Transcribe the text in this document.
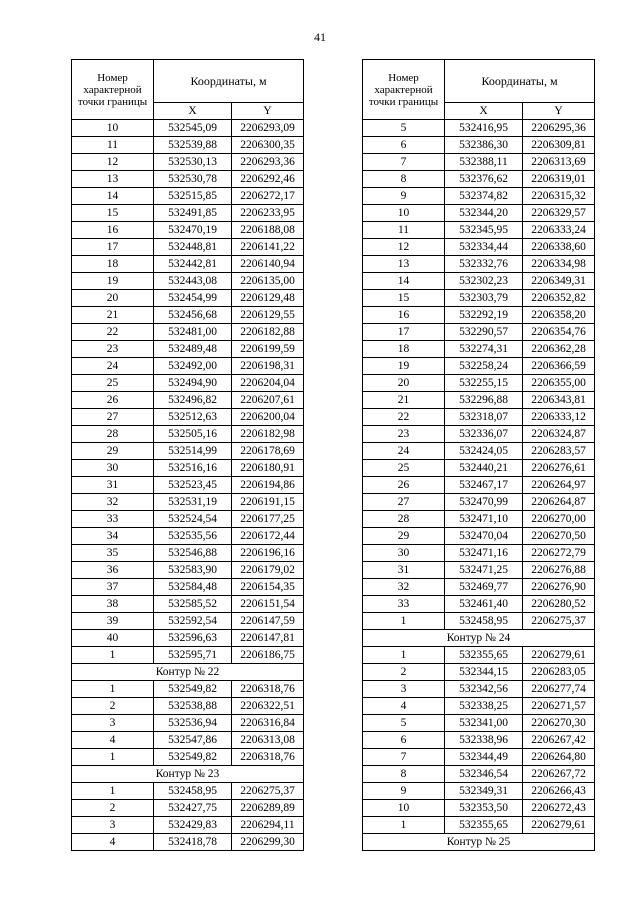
41
Номер характерной точки границы	Координаты, м	
	X	Y
10	532545,09	2206293,09
11	532539,88	2206300,35
12	532530,13	2206293,36
13	532530,78	2206292,46
14	532515,85	2206272,17
15	532491,85	2206233,95
16	532470,19	2206188,08
17	532448,81	2206141,22
18	532442,81	2206140,94
19	532443,08	2206135,00
20	532454,99	2206129,48
21	532456,68	2206129,55
22	532481,00	2206182,88
23	532489,48	2206199,59
24	532492,00	2206198,31
25	532494,90	2206204,04
26	532496,82	2206207,61
27	532512,63	2206200,04
28	532505,16	2206182,98
29	532514,99	2206178,69
30	532516,16	2206180,91
31	532523,45	2206194,86
32	532531,19	2206191,15
33	532524,54	2206177,25
34	532535,56	2206172,44
35	532546,88	2206196,16
36	532583,90	2206179,02
37	532584,48	2206154,35
38	532585,52	2206151,54
39	532592,54	2206147,59
40	532596,63	2206147,81
1	532595,71	2206186,75
Контур № 22		
1	532549,82	2206318,76
2	532538,88	2206322,51
3	532536,94	2206316,84
4	532547,86	2206313,08
1	532549,82	2206318,76
Контур № 23		
1	532458,95	2206275,37
2	532427,75	2206289,89
3	532429,83	2206294,11
4	532418,78	2206299,30
Номер характерной точки границы	Координаты, м	
	X	Y
5	532416,95	2206295,36
6	532386,30	2206309,81
7	532388,11	2206313,69
8	532376,62	2206319,01
9	532374,82	2206315,32
10	532344,20	2206329,57
11	532345,95	2206333,24
12	532334,44	2206338,60
13	532332,76	2206334,98
14	532302,23	2206349,31
15	532303,79	2206352,82
16	532292,19	2206358,20
17	532290,57	2206354,76
18	532274,31	2206362,28
19	532258,24	2206366,59
20	532255,15	2206355,00
21	532296,88	2206343,81
22	532318,07	2206333,12
23	532336,07	2206324,87
24	532424,05	2206283,57
25	532440,21	2206276,61
26	532467,17	2206264,97
27	532470,99	2206264,87
28	532471,10	2206270,00
29	532470,04	2206270,50
30	532471,16	2206272,79
31	532471,25	2206276,88
32	532469,77	2206276,90
33	532461,40	2206280,52
1	532458,95	2206275,37
Контур № 24		
1	532355,65	2206279,61
2	532344,15	2206283,05
3	532342,56	2206277,74
4	532338,25	2206271,57
5	532341,00	2206270,30
6	532338,96	2206267,42
7	532344,49	2206264,80
8	532346,54	2206267,72
9	532349,31	2206266,43
10	532353,50	2206272,43
1	532355,65	2206279,61
Контур № 25		
